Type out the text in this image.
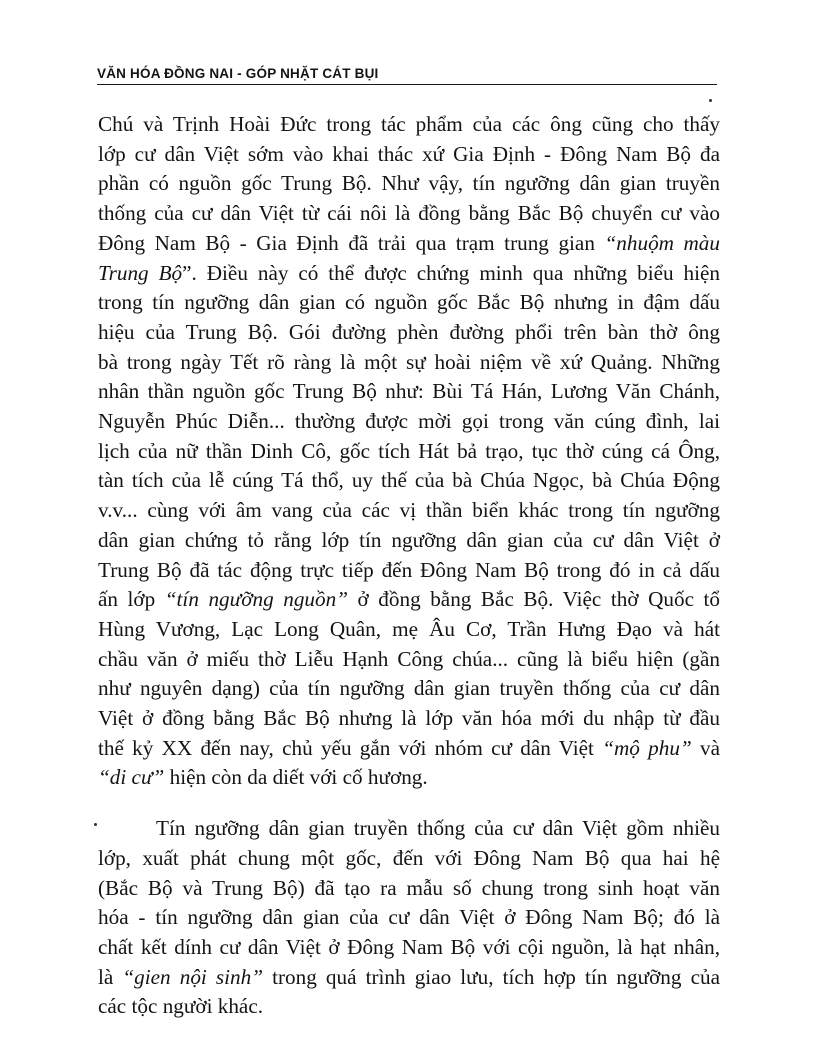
VĂN HÓA ĐỒNG NAI - GÓP NHẶT CÁT BỤI
Chú và Trịnh Hoài Đức trong tác phẩm của các ông cũng cho thấy
lớp cư dân Việt sớm vào khai thác xứ Gia Định - Đông Nam Bộ đa
phần có nguồn gốc Trung Bộ. Như vậy, tín ngưỡng dân gian truyền
thống của cư dân Việt từ cái nôi là đồng bằng Bắc Bộ chuyển cư vào
Đông Nam Bộ - Gia Định đã trải qua trạm trung gian “nhuộm màu
Trung Bộ”. Điều này có thể được chứng minh qua những biểu hiện
trong tín ngưỡng dân gian có nguồn gốc Bắc Bộ nhưng in đậm dấu
hiệu của Trung Bộ. Gói đường phèn đường phổi trên bàn thờ ông
bà trong ngày Tết rõ ràng là một sự hoài niệm về xứ Quảng. Những
nhân thần nguồn gốc Trung Bộ như: Bùi Tá Hán, Lương Văn Chánh,
Nguyễn Phúc Diễn... thường được mời gọi trong văn cúng đình, lai
lịch của nữ thần Dinh Cô, gốc tích Hát bả trạo, tục thờ cúng cá Ông,
tàn tích của lễ cúng Tá thổ, uy thế của bà Chúa Ngọc, bà Chúa Động
v.v... cùng với âm vang của các vị thần biển khác trong tín ngưỡng
dân gian chứng tỏ rằng lớp tín ngưỡng dân gian của cư dân Việt ở
Trung Bộ đã tác động trực tiếp đến Đông Nam Bộ trong đó in cả dấu
ấn lớp “tín ngưỡng nguồn” ở đồng bằng Bắc Bộ. Việc thờ Quốc tổ
Hùng Vương, Lạc Long Quân, mẹ Âu Cơ, Trần Hưng Đạo và hát
chầu văn ở miếu thờ Liễu Hạnh Công chúa... cũng là biểu hiện (gần
như nguyên dạng) của tín ngưỡng dân gian truyền thống của cư dân
Việt ở đồng bằng Bắc Bộ nhưng là lớp văn hóa mới du nhập từ đầu
thế kỷ XX đến nay, chủ yếu gắn với nhóm cư dân Việt “mộ phu” và
“di cư” hiện còn da diết với cố hương.
Tín ngưỡng dân gian truyền thống của cư dân Việt gồm nhiều
lớp, xuất phát chung một gốc, đến với Đông Nam Bộ qua hai hệ
(Bắc Bộ và Trung Bộ) đã tạo ra mẫu số chung trong sinh hoạt văn
hóa - tín ngưỡng dân gian của cư dân Việt ở Đông Nam Bộ; đó là
chất kết dính cư dân Việt ở Đông Nam Bộ với cội nguồn, là hạt nhân,
là “gien nội sinh” trong quá trình giao lưu, tích hợp tín ngưỡng của
các tộc người khác.
